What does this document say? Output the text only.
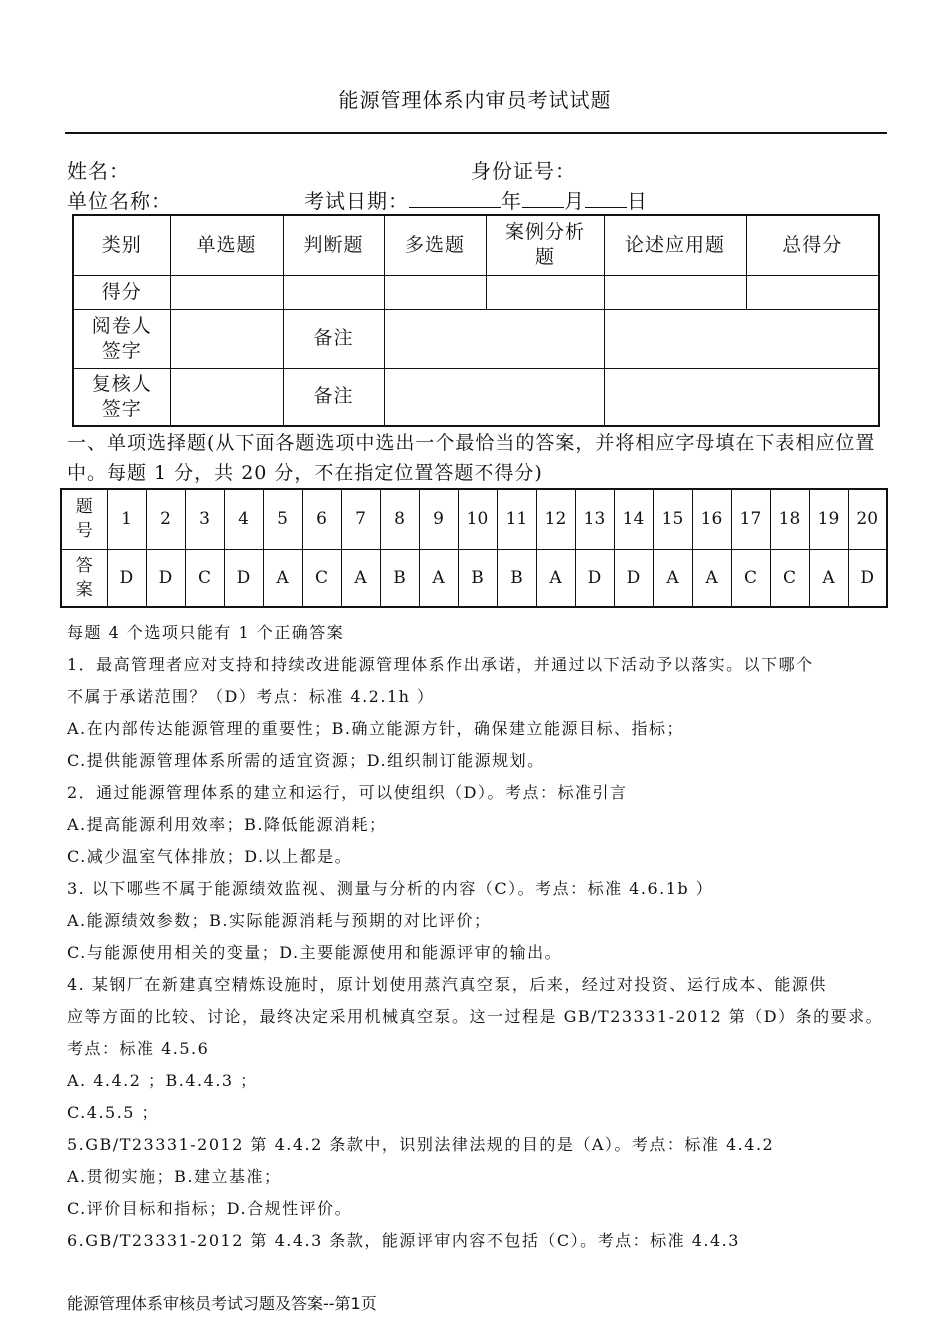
能源管理体系内审员考试试题
姓名：	身份证号：
单位名称：	考试日期：	年 月 日
类别	单选题	判断题	多选题	案例分析题	论述应用题	总得分
得分						

阅卷人签字		备注				

复核人签字		备注				
一、单项选择题(从下面各题选项中选出一个最恰当的答案，并将相应字母填在下表相应位置中。每题 1 分，共 20 分，不在指定位置答题不得分)
题号	1	2	3	4	5	6	7	8	9	10	11	12	13	14	15	16	17	18	19	20

答案	D	D	C	D	A	C	A	B	A	B	B	A	D	D	A	A	C	C	A	D
每题 4 个选项只能有 1 个正确答案
1．最高管理者应对支持和持续改进能源管理体系作出承诺，并通过以下活动予以落实。以下哪个
不属于承诺范围？（D）考点：标准 4.2.1h ）
A.在内部传达能源管理的重要性；B.确立能源方针，确保建立能源目标、指标；
C.提供能源管理体系所需的适宜资源；D.组织制订能源规划。
2．通过能源管理体系的建立和运行，可以使组织（D）。考点：标准引言
A.提高能源利用效率；B.降低能源消耗；
C.减少温室气体排放；D.以上都是。
3. 以下哪些不属于能源绩效监视、测量与分析的内容（C）。考点：标准 4.6.1b ）
A.能源绩效参数；B.实际能源消耗与预期的对比评价；
C.与能源使用相关的变量；D.主要能源使用和能源评审的输出。
4. 某钢厂在新建真空精炼设施时，原计划使用蒸汽真空泵，后来，经过对投资、运行成本、能源供
应等方面的比较、讨论，最终决定采用机械真空泵。这一过程是 GB/T23331-2012 第（D）条的要求。
考点：标准 4.5.6
A. 4.4.2 ；B.4.4.3 ；
C.4.5.5 ；
5.GB/T23331-2012 第 4.4.2 条款中，识别法律法规的目的是（A）。考点：标准 4.4.2
A.贯彻实施；B.建立基准；
C.评价目标和指标；D.合规性评价。
6.GB/T23331-2012 第 4.4.3 条款，能源评审内容不包括（C）。考点：标准 4.4.3
能源管理体系审核员考试习题及答案--第1页
